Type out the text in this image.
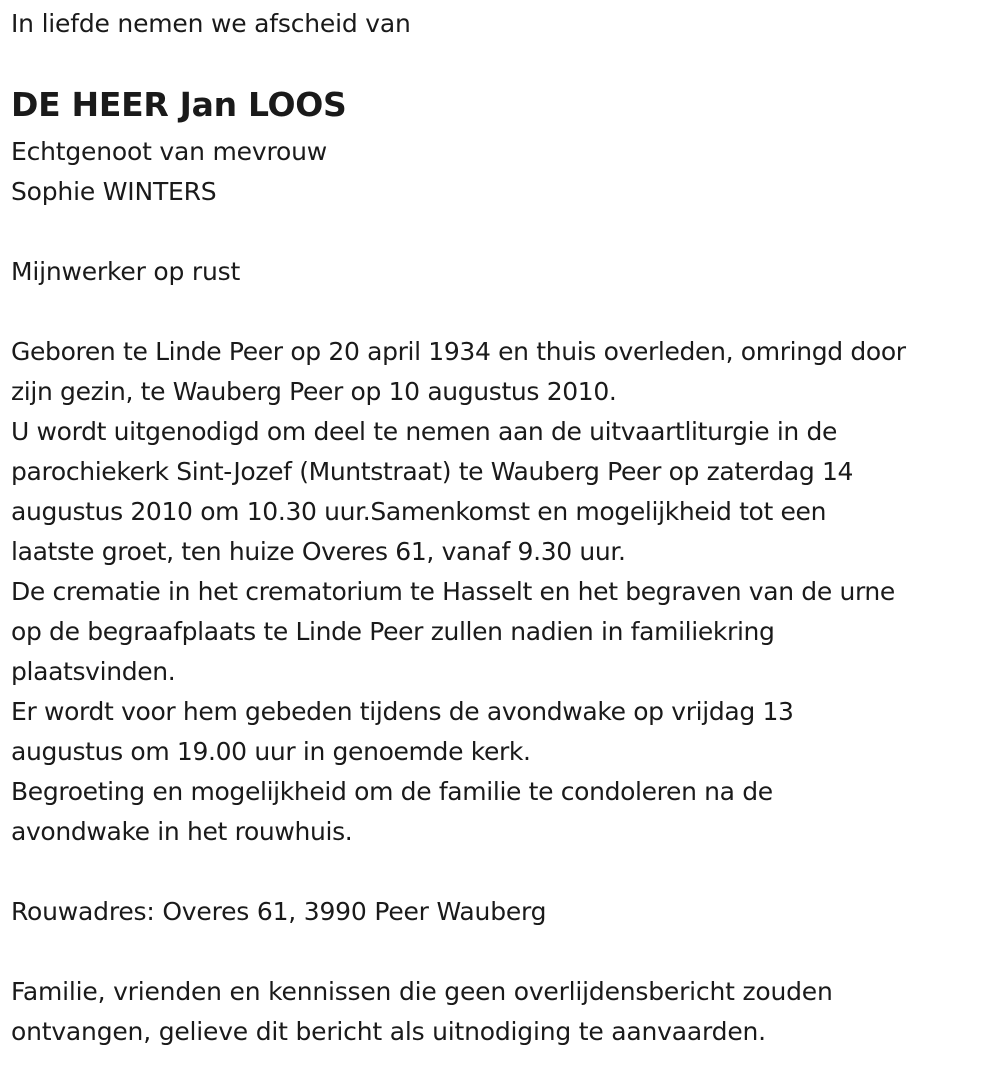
In liefde nemen we afscheid van
DE HEER Jan LOOS
Echtgenoot van mevrouw
Sophie WINTERS
Mijnwerker op rust
Geboren te Linde Peer op 20 april 1934 en thuis overleden, omringd door
zijn gezin, te Wauberg Peer op 10 augustus 2010.
U wordt uitgenodigd om deel te nemen aan de uitvaartliturgie in de
parochiekerk Sint-Jozef (Muntstraat) te Wauberg Peer op zaterdag 14
augustus 2010 om 10.30 uur.Samenkomst en mogelijkheid tot een
laatste groet, ten huize Overes 61, vanaf 9.30 uur.
De crematie in het crematorium te Hasselt en het begraven van de urne
op de begraafplaats te Linde Peer zullen nadien in familiekring
plaatsvinden.
Er wordt voor hem gebeden tijdens de avondwake op vrijdag 13
augustus om 19.00 uur in genoemde kerk.
Begroeting en mogelijkheid om de familie te condoleren na de
avondwake in het rouwhuis.
Rouwadres: Overes 61, 3990 Peer Wauberg
Familie, vrienden en kennissen die geen overlijdensbericht zouden
ontvangen, gelieve dit bericht als uitnodiging te aanvaarden.
